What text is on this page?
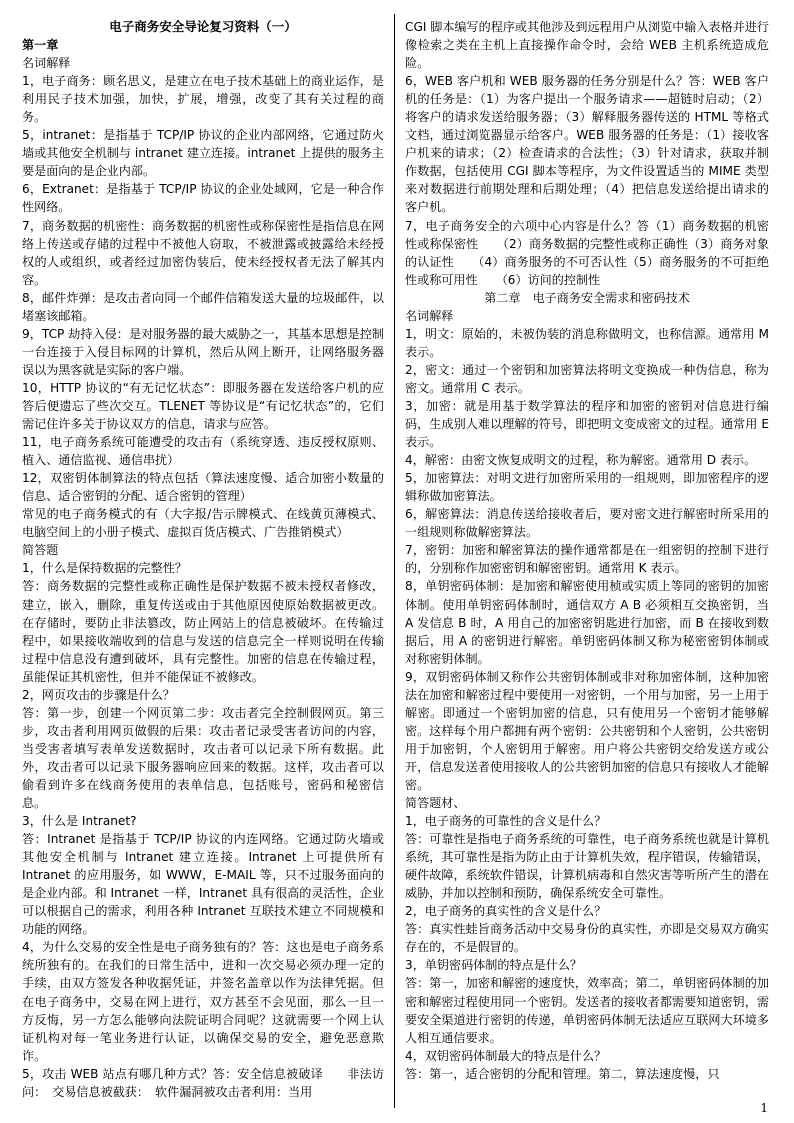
电子商务安全导论复习资料（一）

第一章

名词解释

1，电子商务：顾名思义，是建立在电子技术基础上的商业运作，是利用民子技术加强，加快，扩展，增强，改变了其有关过程的商务。

5，intranet：是指基于 TCP/IP 协议的企业内部网络，它通过防火墙或其他安全机制与 intranet 建立连接。intranet 上提供的服务主要是面向的是企业内部。

6，Extranet：是指基于 TCP/IP 协议的企业处域网，它是一种合作性网络。

7，商务数据的机密性：商务数据的机密性或称保密性是指信息在网络上传送或存储的过程中不被他人窃取，不被泄露或披露给未经授权的人或组织，或者经过加密伪装后，使未经授权者无法了解其内容。

8，邮件炸弹：是攻击者向同一个邮件信箱发送大量的垃圾邮件，以堵塞该邮箱。

9，TCP 劫持入侵：是对服务器的最大威胁之一，其基本思想是控制一台连接于入侵目标网的计算机，然后从网上断开，让网络服务器误以为黑客就是实际的客户端。

10，HTTP 协议的“有无记忆状态”：即服务器在发送给客户机的应答后便遗忘了些次交互。TLENET 等协议是“有记忆状态”的，它们需记住许多关于协议双方的信息，请求与应答。

11，电子商务系统可能遭受的攻击有（系统穿透、违反授权原则、植入、通信监视、通信串扰）

12，双密钥体制算法的特点包括（算法速度慢、适合加密小数量的信息、适合密钥的分配、适合密钥的管理）

常见的电子商务模式的有（大字报/告示牌模式、在线黄页薄模式、电脑空间上的小册子模式、虚拟百货店模式、广告推销模式）

简答题

1，什么是保持数据的完整性？

答：商务数据的完整性或称正确性是保护数据不被未授权者修改，建立，嵌入，删除，重复传送或由于其他原因使原始数据被更改。在存储时，要防止非法篡改，防止网站上的信息被破坏。在传输过程中，如果接收端收到的信息与发送的信息完全一样则说明在传输过程中信息没有遭到破坏，具有完整性。加密的信息在传输过程，虽能保证其机密性，但并不能保证不被修改。

2，网页攻击的步骤是什么？

答：第一步，创建一个网页第二步：攻击者完全控制假网页。第三步，攻击者利用网页做假的后果：攻击者记录受害者访问的内容，当受害者填写表单发送数据时，攻击者可以记录下所有数据。此外，攻击者可以记录下服务器响应回来的数据。这样，攻击者可以偷看到许多在线商务使用的表单信息，包括账号，密码和秘密信息。

3，什么是 Intranet?

答：Intranet 是指基于 TCP/IP 协议的内连网络。它通过防火墙或其他安全机制与 Intranet 建立连接。Intranet 上可提供所有 Intranet 的应用服务，如 WWW，E-MAIL 等，只不过服务面向的是企业内部。和 Intranet 一样，Intranet 具有很高的灵活性，企业可以根据自己的需求，利用各种 Intranet 互联技术建立不同规模和功能的网络。

4，为什么交易的安全性是电子商务独有的？答：这也是电子商务系统所独有的。在我们的日常生活中，进和一次交易必须办理一定的手续，由双方签发各种收据凭证，并签名盖章以作为法律凭据。但在电子商务中，交易在网上进行，双方甚至不会见面，那么一旦一方反悔，另一方怎么能够向法院证明合同呢？这就需要一个网上认证机构对每一笔业务进行认证，以确保交易的安全，避免恶意欺诈。

5，攻击 WEB 站点有哪几种方式？答：安全信息被破译　　非法访问：　交易信息被截获：　软件漏洞被攻击者利用：当用

CGI 脚本编写的程序或其他涉及到远程用户从浏览中输入表格并进行像检索之类在主机上直接操作命令时，会给 WEB 主机系统造成危险。

6，WEB 客户机和 WEB 服务器的任务分别是什么？答：WEB 客户机的任务是：（1）为客户提出一个服务请求——超链时启动；（2）将客户的请求发送给服务器；（3）解释服务器传送的 HTML 等格式文档，通过浏览器显示给客户。WEB 服务器的任务是：（1）接收客户机来的请求；（2）检查请求的合法性；（3）针对请求，获取并制作数据，包括使用 CGI 脚本等程序，为文件设置适当的 MIME 类型来对数据进行前期处理和后期处理；（4）把信息发送给提出请求的客户机。

7，电子商务安全的六项中心内容是什么？答（1）商务数据的机密性或称保密性　　（2）商务数据的完整性或称正确性（3）商务对象的认证性　　（4）商务服务的不可否认性（5）商务服务的不可拒绝性或称可用性　　（6）访问的控制性

第二章　电子商务安全需求和密码技术

名词解释

1，明文：原始的，未被伪装的消息称做明文，也称信源。通常用 M 表示。

2，密文：通过一个密钥和加密算法将明文变换成一种伪信息，称为密文。通常用 C 表示。

3，加密：就是用基于数学算法的程序和加密的密钥对信息进行编码，生成别人难以理解的符号，即把明文变成密文的过程。通常用 E 表示。

4，解密：由密文恢复成明文的过程，称为解密。通常用 D 表示。

5，加密算法：对明文进行加密所采用的一组规则，即加密程序的逻辑称做加密算法。

6，解密算法：消息传送给接收者后，要对密文进行解密时所采用的一组规则称做解密算法。

7，密钥：加密和解密算法的操作通常都是在一组密钥的控制下进行的，分别称作加密密钥和解密密钥。通常用 K 表示。

8，单钥密码体制：是加密和解密使用桢或实质上等同的密钥的加密体制。使用单钥密码体制时，通信双方 A B 必须相互交换密钥，当 A 发信息 B 时，A 用自己的加密密钥匙进行加密，而 B 在接收到数据后，用 A 的密钥进行解密。单钥密码体制又称为秘密密钥体制或对称密钥体制。

9，双钥密码体制又称作公共密钥体制或非对称加密体制，这种加密法在加密和解密过程中要使用一对密钥，一个用与加密，另一上用于解密。即通过一个密钥加密的信息，只有使用另一个密钥才能够解密。这样每个用户都拥有两个密钥：公共密钥和个人密钥，公共密钥用于加密钥，个人密钥用于解密。用户将公共密钥交给发送方或公开，信息发送者使用接收人的公共密钥加密的信息只有接收人才能解密。

简答题材、

1，电子商务的可靠性的含义是什么？

答：可靠性是指电子商务系统的可靠性，电子商务系统也就是计算机系统，其可靠性是指为防止由于计算机失效，程序错误，传输错误，硬件故障，系统软件错误，计算机病毒和自然灾害等听所产生的潜在威胁，并加以控制和预防，确保系统安全可靠性。

2，电子商务的真实性的含义是什么？

答：真实性蛙旨商务活动中交易身份的真实性，亦即是交易双方确实存在的，不是假冒的。

3，单钥密码体制的特点是什么？

答：第一，加密和解密的速度快，效率高；第二，单钥密码体制的加密和解密过程使用同一个密钥。发送者的接收者都需要知道密钥，需要安全渠道进行密钥的传递，单钥密码体制无法适应互联网大环境多人相互通信要求。

4，双钥密码体制最大的特点是什么？

答：第一，适合密钥的分配和管理。第二，算法速度慢，只

1
